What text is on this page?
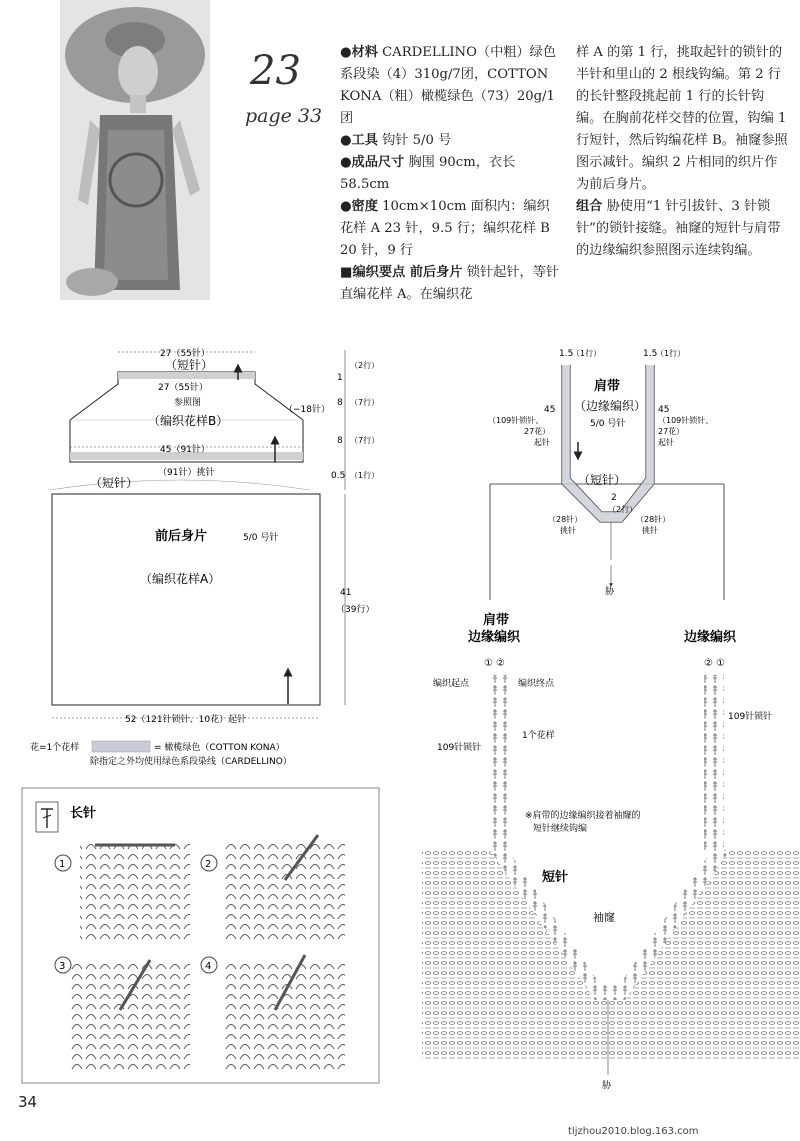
23
page 33

●材料 CARDELLINO（中粗）绿色系段染（4）310g/7团，COTTON KONA（粗）橄榄绿色（73）20g/1团

●工具 钩针 5/0 号

●成品尺寸 胸围 90cm，衣长 58.5cm

●密度 10cm×10cm 面积内：编织花样 A 23 针，9.5 行；编织花样 B 20 针，9 行

■编织要点 前后身片 锁针起针，等针直编花样 A。在编织花

样 A 的第 1 行，挑取起针的锁针的半针和里山的 2 根线钩编。第 2 行的长针整段挑起前 1 行的长针钩编。在胸前花样交替的位置，钩编 1 行短针，然后钩编花样 B。袖窿参照图示减针。编织 2 片相同的织片作为前后身片。

组合 胁使用“1 针引拔针、3 针锁针”的锁针接缝。袖窿的短针与肩带的边缘编织参照图示连续钩编。

27（55针）
（短针）
27（55针）
参照图
（编织花样B）
（−18针）
45（91针）
（91针）挑针
（短针）
前后身片	5/0 号针
（编织花样A）
41
（39行）
52（121针锁针、10花）起针
1
（2行）
8 （7行）
8 （7行）
0.5 （1行）
花=1个花样	= 橄榄绿色（COTTON KONA）
除指定之外均使用绿色系段染线（CARDELLINO）
肩带
（边缘编织）
5/0 号针
1.5
（1行）	1.5
（1行）
45	45
（109针锁针、
27花）
起针
（109针锁针、
27花）
起针
（短针）
2
（2行）
（28针）
挑针
（28针）
挑针
胁
肩带
边缘编织	边缘编织
① ②	② ①
编织起点	编织终点
1个花样
109针锁针
109针锁针
※肩带的边缘编织接着袖窿的
短针继续钩编
短针
袖窿
胁
长针
1	2
3	4
34
tljzhou2010.blog.163.com
